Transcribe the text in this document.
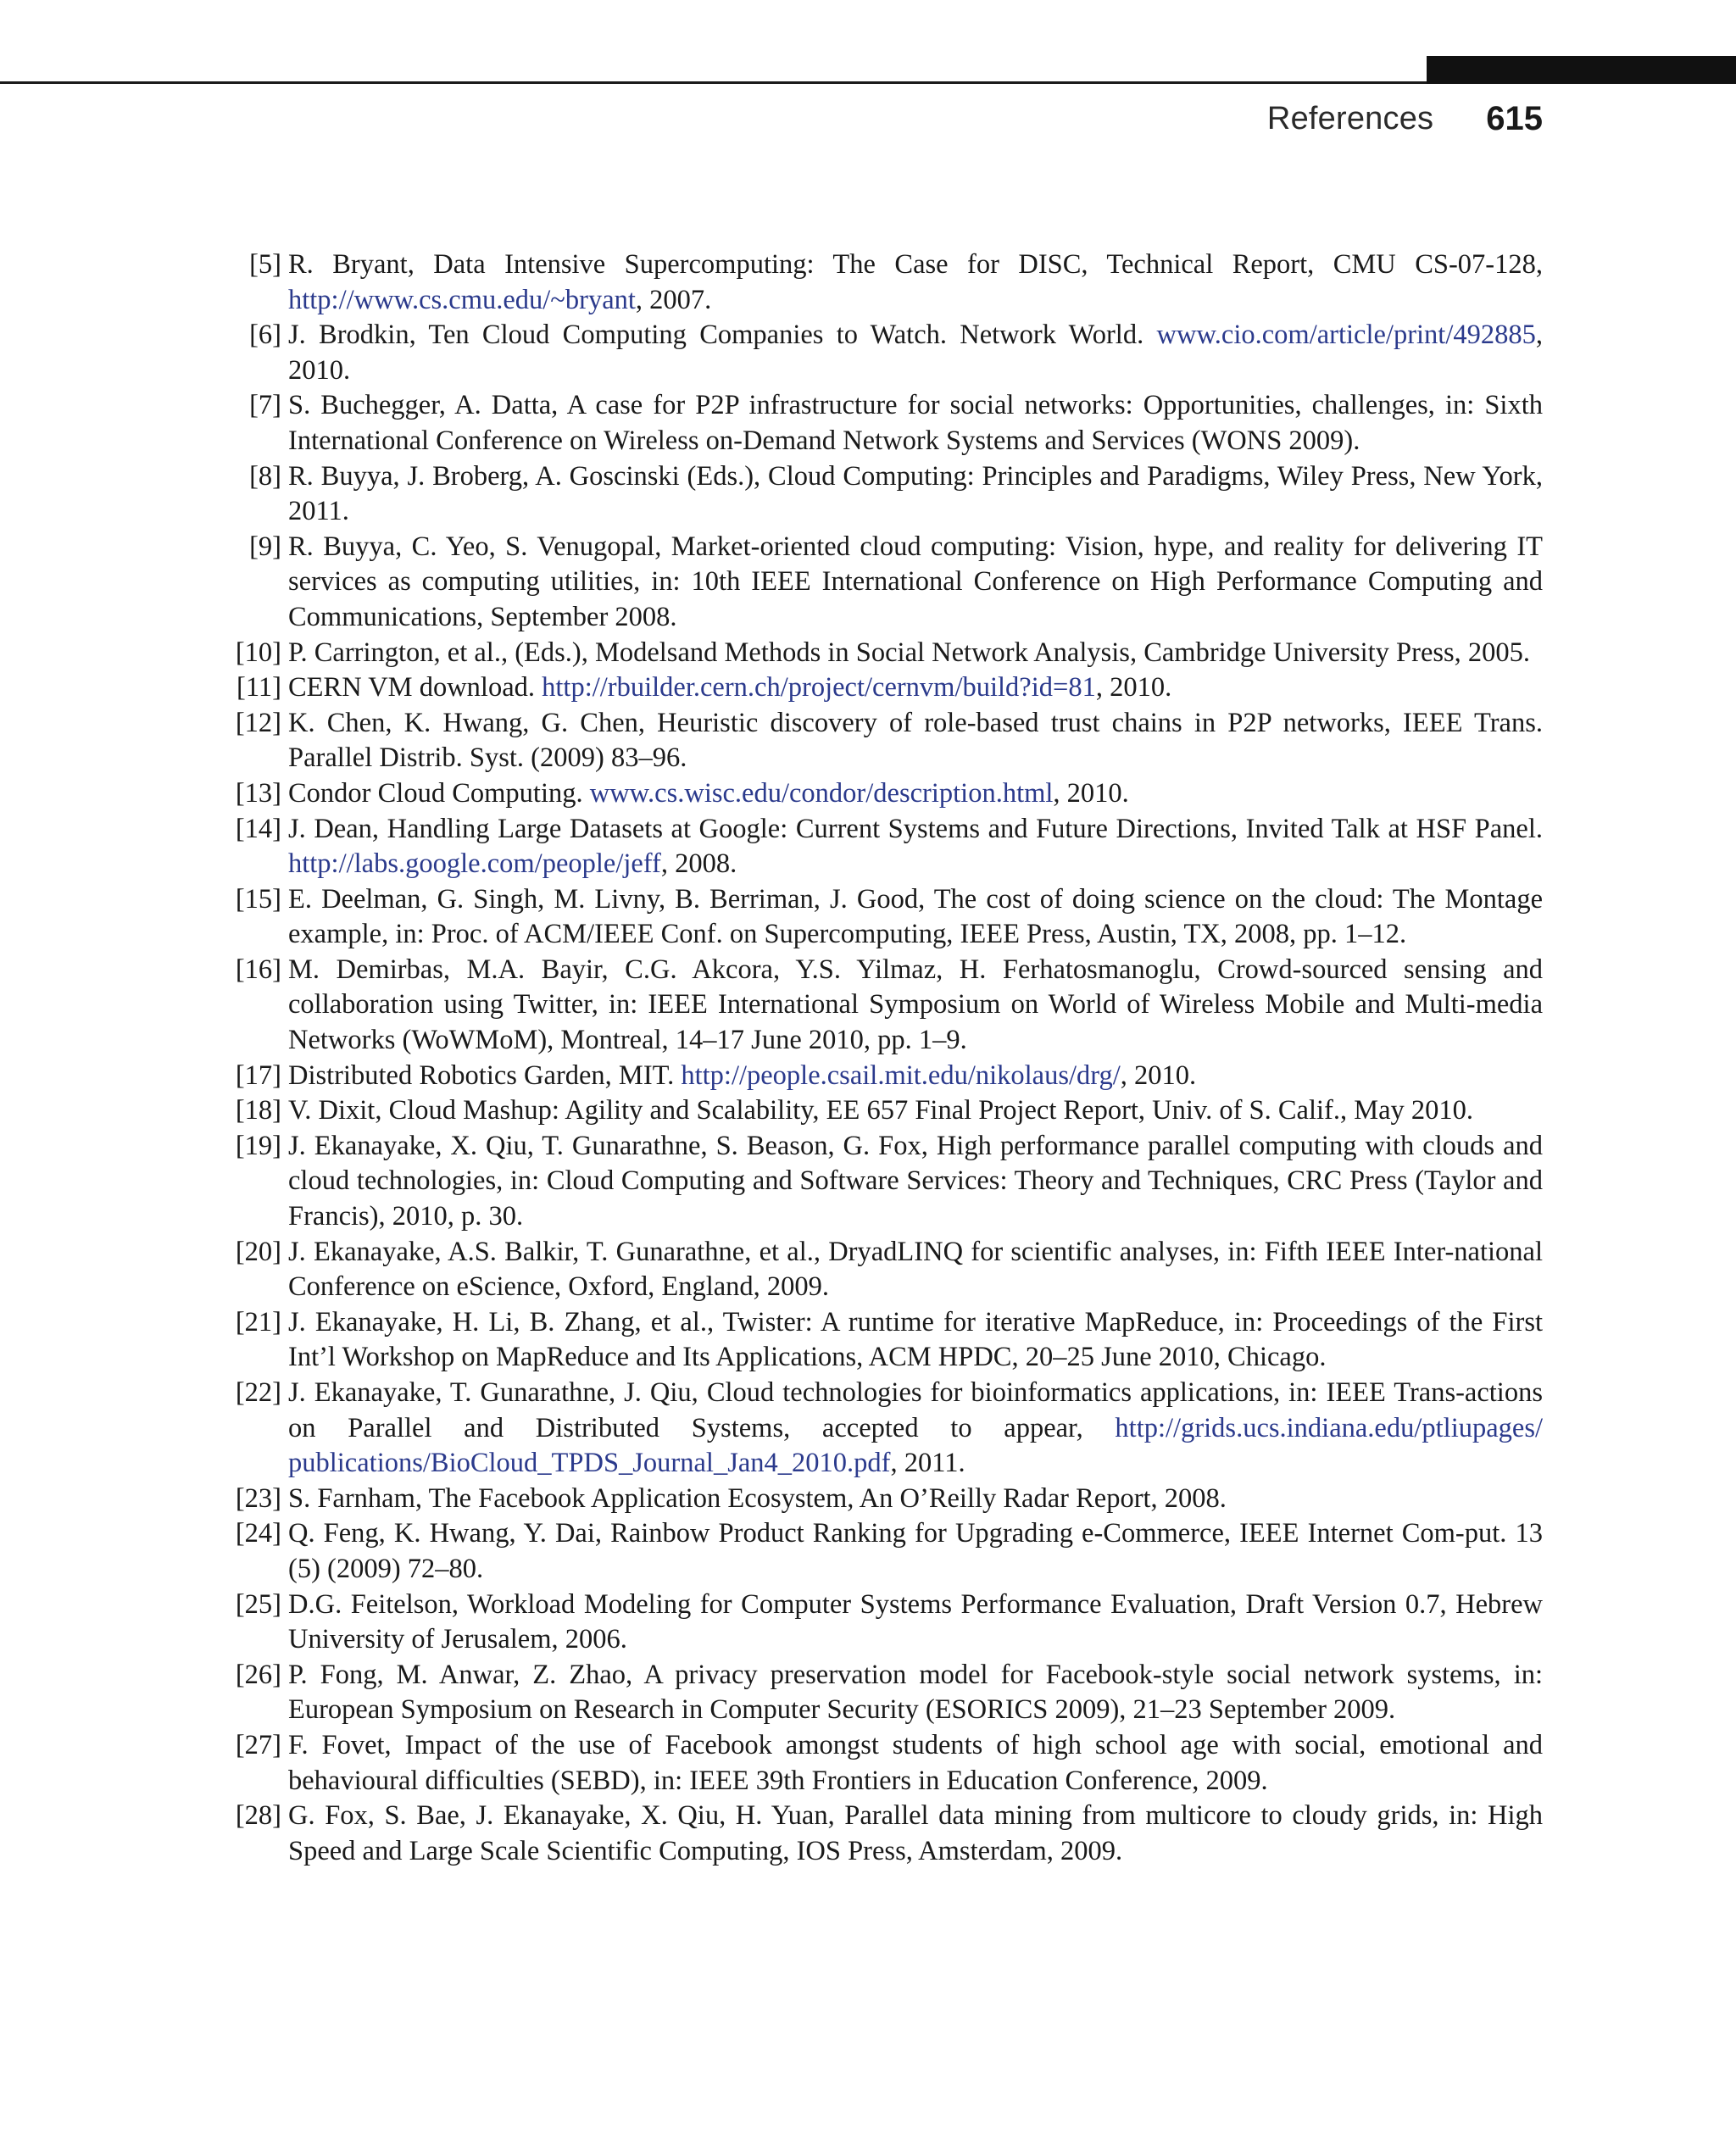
References 615
[5] R. Bryant, Data Intensive Supercomputing: The Case for DISC, Technical Report, CMU CS-07-128, http://www.cs.cmu.edu/~bryant, 2007.
[6] J. Brodkin, Ten Cloud Computing Companies to Watch. Network World. www.cio.com/article/print/​492885, 2010.
[7] S. Buchegger, A. Datta, A case for P2P infrastructure for social networks: Opportunities, challenges, in: Sixth International Conference on Wireless on-Demand Network Systems and Services (WONS 2009).
[8] R. Buyya, J. Broberg, A. Goscinski (Eds.), Cloud Computing: Principles and Paradigms, Wiley Press, New York, 2011.
[9] R. Buyya, C. Yeo, S. Venugopal, Market-oriented cloud computing: Vision, hype, and reality for delivering IT services as computing utilities, in: 10th IEEE International Conference on High Performance Computing and Communications, September 2008.
[10] P. Carrington, et al., (Eds.), Modelsand Methods in Social Network Analysis, Cambridge University Press, 2005.
[11] CERN VM download. http://rbuilder.cern.ch/project/cernvm/build?id=81, 2010.
[12] K. Chen, K. Hwang, G. Chen, Heuristic discovery of role-based trust chains in P2P networks, IEEE Trans. Parallel Distrib. Syst. (2009) 83–96.
[13] Condor Cloud Computing. www.cs.wisc.edu/condor/description.html, 2010.
[14] J. Dean, Handling Large Datasets at Google: Current Systems and Future Directions, Invited Talk at HSF Panel. http://labs.google.com/people/jeff, 2008.
[15] E. Deelman, G. Singh, M. Livny, B. Berriman, J. Good, The cost of doing science on the cloud: The Montage example, in: Proc. of ACM/IEEE Conf. on Supercomputing, IEEE Press, Austin, TX, 2008, pp. 1–12.
[16] M. Demirbas, M.A. Bayir, C.G. Akcora, Y.S. Yilmaz, H. Ferhatosmanoglu, Crowd-sourced sensing and collaboration using Twitter, in: IEEE International Symposium on World of Wireless Mobile and Multi-​media Networks (WoWMoM), Montreal, 14–17 June 2010, pp. 1–9.
[17] Distributed Robotics Garden, MIT. http://people.csail.mit.edu/nikolaus/drg/, 2010.
[18] V. Dixit, Cloud Mashup: Agility and Scalability, EE 657 Final Project Report, Univ. of S. Calif., May 2010.
[19] J. Ekanayake, X. Qiu, T. Gunarathne, S. Beason, G. Fox, High performance parallel computing with clouds and cloud technologies, in: Cloud Computing and Software Services: Theory and Techniques, CRC Press (Taylor and Francis), 2010, p. 30.
[20] J. Ekanayake, A.S. Balkir, T. Gunarathne, et al., DryadLINQ for scientific analyses, in: Fifth IEEE Inter-​national Conference on eScience, Oxford, England, 2009.
[21] J. Ekanayake, H. Li, B. Zhang, et al., Twister: A runtime for iterative MapReduce, in: Proceedings of the First Int’l Workshop on MapReduce and Its Applications, ACM HPDC, 20–25 June 2010, Chicago.
[22] J. Ekanayake, T. Gunarathne, J. Qiu, Cloud technologies for bioinformatics applications, in: IEEE Trans-​actions on Parallel and Distributed Systems, accepted to appear, http://grids.ucs.indiana.edu/ptliupages/​publications/BioCloud_TPDS_Journal_Jan4_2010.pdf, 2011.
[23] S. Farnham, The Facebook Application Ecosystem, An O’Reilly Radar Report, 2008.
[24] Q. Feng, K. Hwang, Y. Dai, Rainbow Product Ranking for Upgrading e-Commerce, IEEE Internet Com-​put. 13 (5) (2009) 72–80.
[25] D.G. Feitelson, Workload Modeling for Computer Systems Performance Evaluation, Draft Version 0.7, Hebrew University of Jerusalem, 2006.
[26] P. Fong, M. Anwar, Z. Zhao, A privacy preservation model for Facebook-style social network systems, in: European Symposium on Research in Computer Security (ESORICS 2009), 21–23 September 2009.
[27] F. Fovet, Impact of the use of Facebook amongst students of high school age with social, emotional and behavioural difficulties (SEBD), in: IEEE 39th Frontiers in Education Conference, 2009.
[28] G. Fox, S. Bae, J. Ekanayake, X. Qiu, H. Yuan, Parallel data mining from multicore to cloudy grids, in: High Speed and Large Scale Scientific Computing, IOS Press, Amsterdam, 2009.
